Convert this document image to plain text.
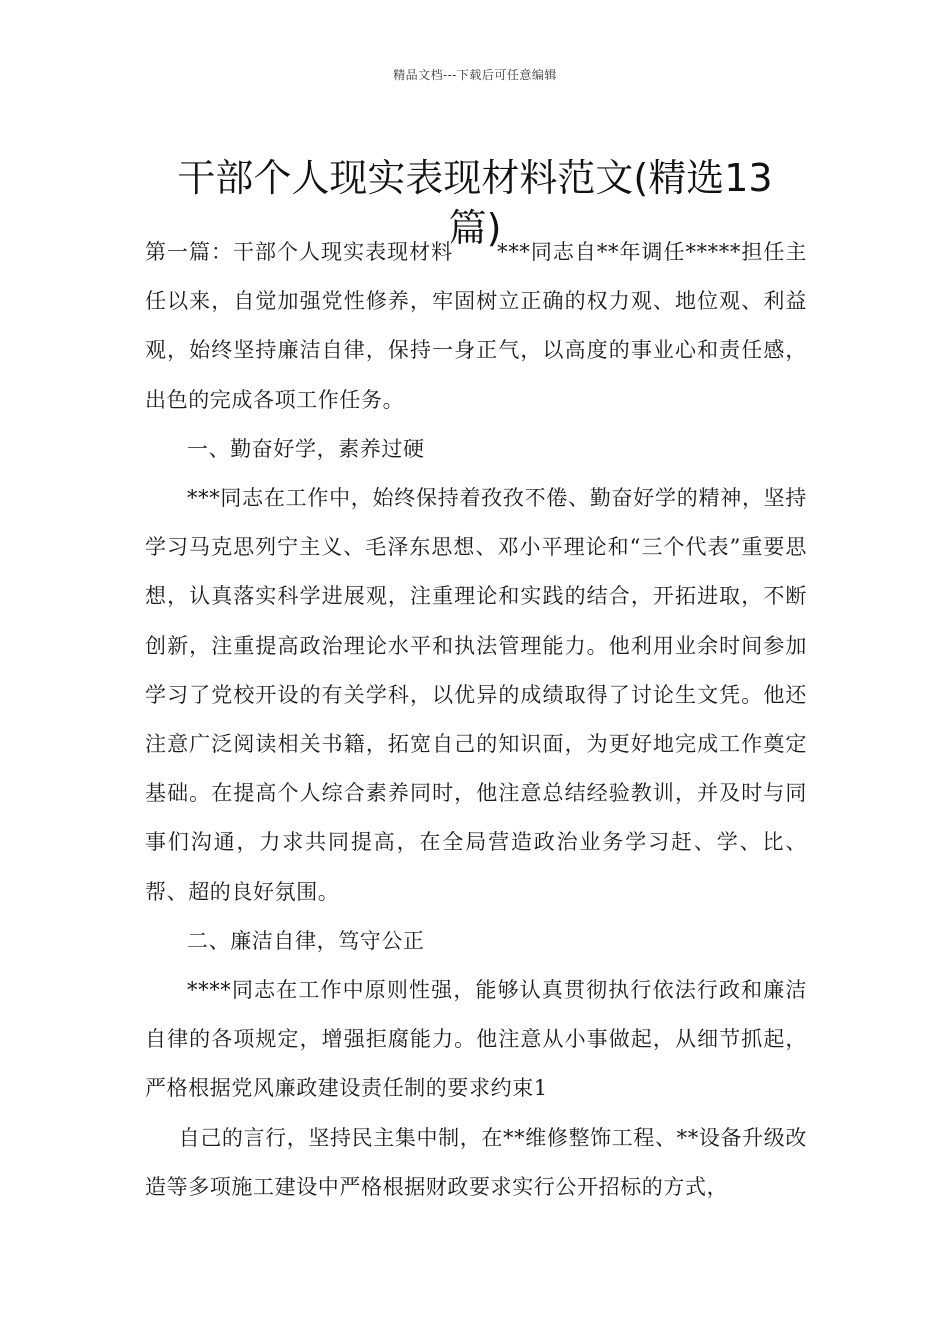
精品文档---下载后可任意编辑
干部个人现实表现材料范文(精选13
篇)

第一篇：干部个人现实表现材料 ***同志自**年调任*****担任主任以来，自觉加强党性修养，牢固树立正确的权力观、地位观、利益观，始终坚持廉洁自律，保持一身正气，以高度的事业心和责任感，出色的完成各项工作任务。

一、勤奋好学，素养过硬

***同志在工作中，始终保持着孜孜不倦、勤奋好学的精神，坚持学习马克思列宁主义、毛泽东思想、邓小平理论和“三个代表”重要思想，认真落实科学进展观，注重理论和实践的结合，开拓进取，不断创新，注重提高政治理论水平和执法管理能力。他利用业余时间参加学习了党校开设的有关学科，以优异的成绩取得了讨论生文凭。他还注意广泛阅读相关书籍，拓宽自己的知识面，为更好地完成工作奠定基础。在提高个人综合素养同时，他注意总结经验教训，并及时与同事们沟通，力求共同提高，在全局营造政治业务学习赶、学、比、帮、超的良好氛围。

二、廉洁自律，笃守公正

****同志在工作中原则性强，能够认真贯彻执行依法行政和廉洁自律的各项规定，增强拒腐能力。他注意从小事做起，从细节抓起，严格根据党风廉政建设责任制的要求约束1

自己的言行，坚持民主集中制，在**维修整饰工程、**设备升级改造等多项施工建设中严格根据财政要求实行公开招标的方式，
